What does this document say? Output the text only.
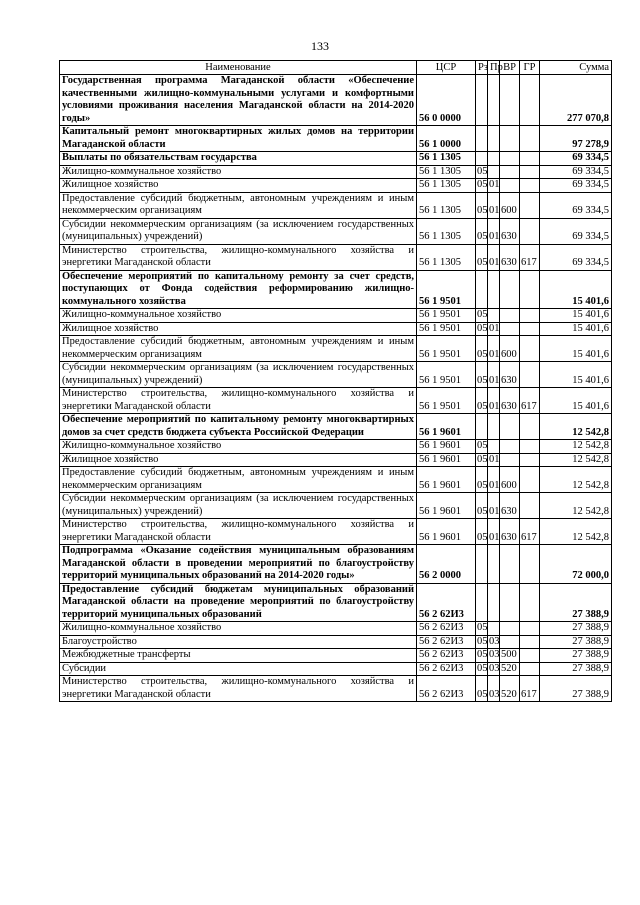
133
Наименование	ЦСР	Рз	Пр	ВР	ГР	Сумма
Государственная программа Магаданской области «Обеспечение качественными жилищно-коммунальными услугами и комфортными условиями проживания населения Магаданской области на 2014-2020 годы»	56 0 0000					277 070,8
Капитальный ремонт многоквартирных жилых домов на территории Магаданской области	56 1 0000					97 278,9
Выплаты по обязательствам государства	56 1 1305					69 334,5
Жилищно-коммунальное хозяйство	56 1 1305	05				69 334,5
Жилищное хозяйство	56 1 1305	05	01			69 334,5
Предоставление субсидий бюджетным, автономным учреждениям и иным некоммерческим организациям	56 1 1305	05	01	600		69 334,5
Субсидии некоммерческим организациям (за исключением государственных (муниципальных) учреждений)	56 1 1305	05	01	630		69 334,5
Министерство строительства, жилищно-коммунального хозяйства и энергетики Магаданской области	56 1 1305	05	01	630	617	69 334,5
Обеспечение мероприятий по капитальному ремонту за счет средств, поступающих от Фонда содействия реформированию жилищно-коммунального хозяйства	56 1 9501					15 401,6
Жилищно-коммунальное хозяйство	56 1 9501	05				15 401,6
Жилищное хозяйство	56 1 9501	05	01			15 401,6
Предоставление субсидий бюджетным, автономным учреждениям и иным некоммерческим организациям	56 1 9501	05	01	600		15 401,6
Субсидии некоммерческим организациям (за исключением государственных (муниципальных) учреждений)	56 1 9501	05	01	630		15 401,6
Министерство строительства, жилищно-коммунального хозяйства и энергетики Магаданской области	56 1 9501	05	01	630	617	15 401,6
Обеспечение мероприятий по капитальному ремонту многоквартирных домов за счет средств бюджета субъекта Российской Федерации	56 1 9601					12 542,8
Жилищно-коммунальное хозяйство	56 1 9601	05				12 542,8
Жилищное хозяйство	56 1 9601	05	01			12 542,8
Предоставление субсидий бюджетным, автономным учреждениям и иным некоммерческим организациям	56 1 9601	05	01	600		12 542,8
Субсидии некоммерческим организациям (за исключением государственных (муниципальных) учреждений)	56 1 9601	05	01	630		12 542,8
Министерство строительства, жилищно-коммунального хозяйства и энергетики Магаданской области	56 1 9601	05	01	630	617	12 542,8
Подпрограмма «Оказание содействия муниципальным образованиям Магаданской области в проведении мероприятий по благоустройству территорий муниципальных образований на 2014-2020 годы»	56 2 0000					72 000,0
Предоставление субсидий бюджетам муниципальных образований Магаданской области на проведение мероприятий по благоустройству территорий муниципальных образований	56 2 62И3					27 388,9
Жилищно-коммунальное хозяйство	56 2 62И3	05				27 388,9
Благоустройство	56 2 62И3	05	03			27 388,9
Межбюджетные трансферты	56 2 62И3	05	03	500		27 388,9
Субсидии	56 2 62И3	05	03	520		27 388,9
Министерство строительства, жилищно-коммунального хозяйства и энергетики Магаданской области	56 2 62И3	05	03	520	617	27 388,9
